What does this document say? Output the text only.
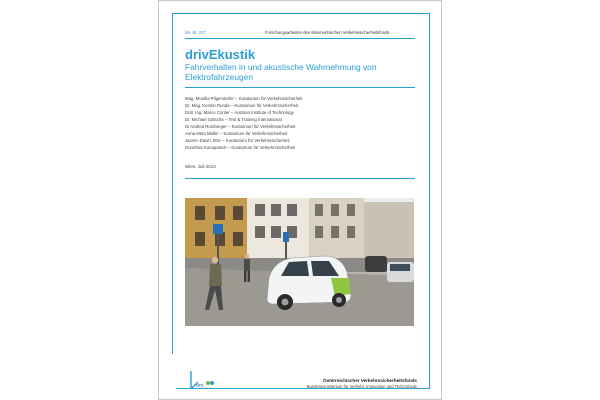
kfv. Nr. 027	Forschungsarbeiten des österreichischen Verkehrssicherheitsfonds
drivEkustik
Fahrverhalten in und akustische Wahrnehmung von Elektrofahrzeugen
Mag. Monika Pilgerstorfer – Kuratorium für Verkehrssicherheit
Dr. Mag. Kerstin Runda – Kuratorium für Verkehrssicherheit
Dott. Ing. Marco Conter – Austrian Institute of Technology
Dr. Michael Gatscha – Test & Training International
DI Andrea Rumberger – Kuratorium für Verkehrssicherheit
Anna Meta Müller – Kuratorium für Verkehrssicherheit
Jasmin Dawn, BSc – Kuratorium für Verkehrssicherheit
Dorothea Konopatsch – Kuratorium für Verkehrssicherheit
Wien, Juli 2013
bm
Österreichischer Verkehrssicherheitsfonds
Bundesministerium für Verkehr, Innovation und Technologie
